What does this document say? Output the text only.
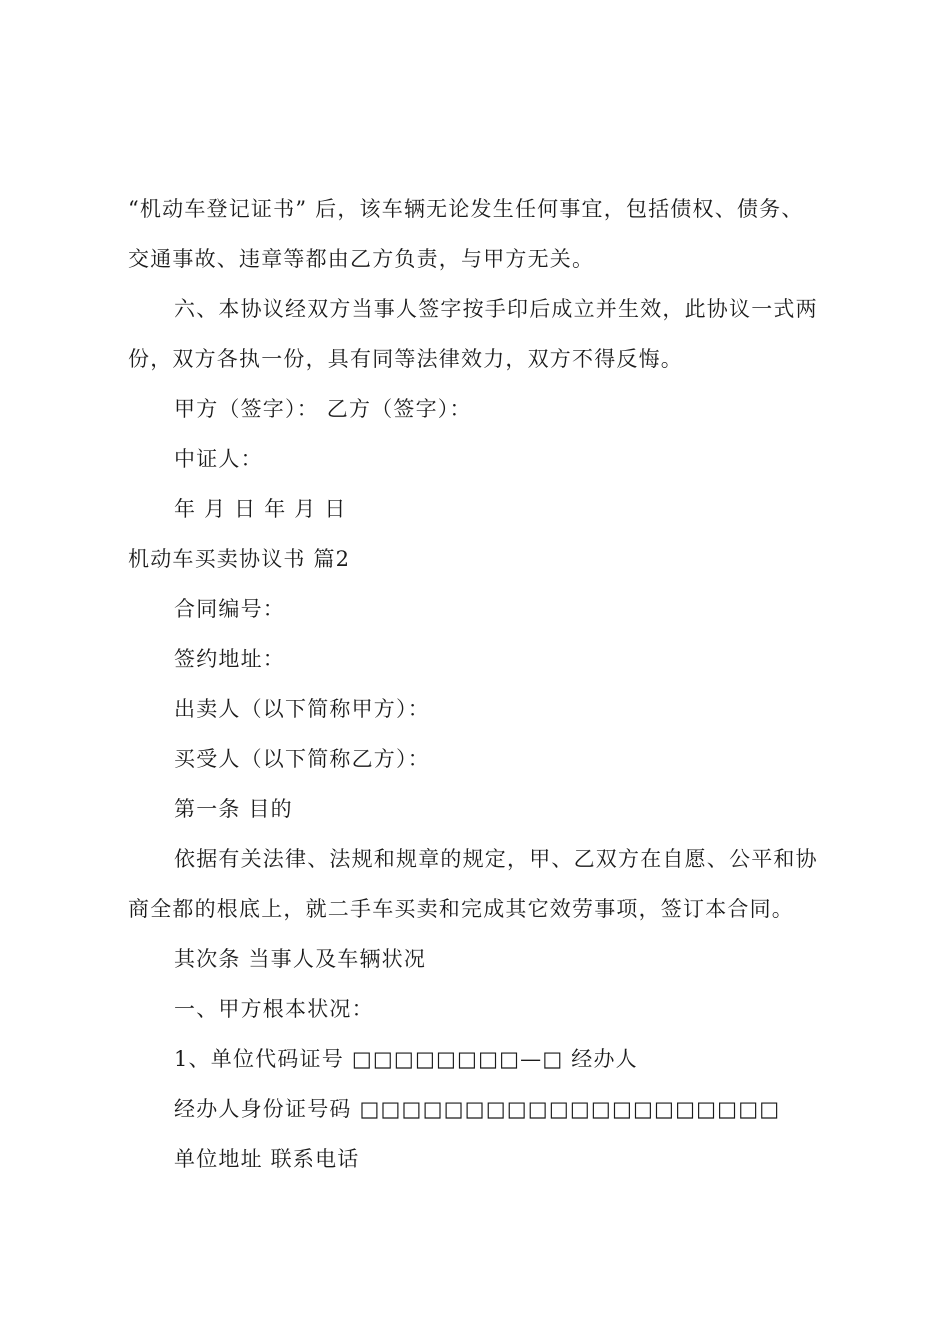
“机动车登记证书” 后，该车辆无论发生任何事宜，包括债权、债务、

交通事故、违章等都由乙方负责，与甲方无关。

六、本协议经双方当事人签字按手印后成立并生效，此协议一式两

份，双方各执一份，具有同等法律效力，双方不得反悔。

甲方（签字）： 乙方（签字）：

中证人：

年 月 日 年 月 日

机动车买卖协议书 篇2

合同编号：

签约地址：

出卖人（以下简称甲方）：

买受人（以下简称乙方）：

第一条 目的

依据有关法律、法规和规章的规定，甲、乙双方在自愿、公平和协

商全都的根底上，就二手车买卖和完成其它效劳事项，签订本合同。

其次条 当事人及车辆状况

一、甲方根本状况：

1、单位代码证号 □□□□□□□□—□ 经办人

经办人身份证号码 □□□□□□□□□□□□□□□□□□□□

单位地址 联系电话
